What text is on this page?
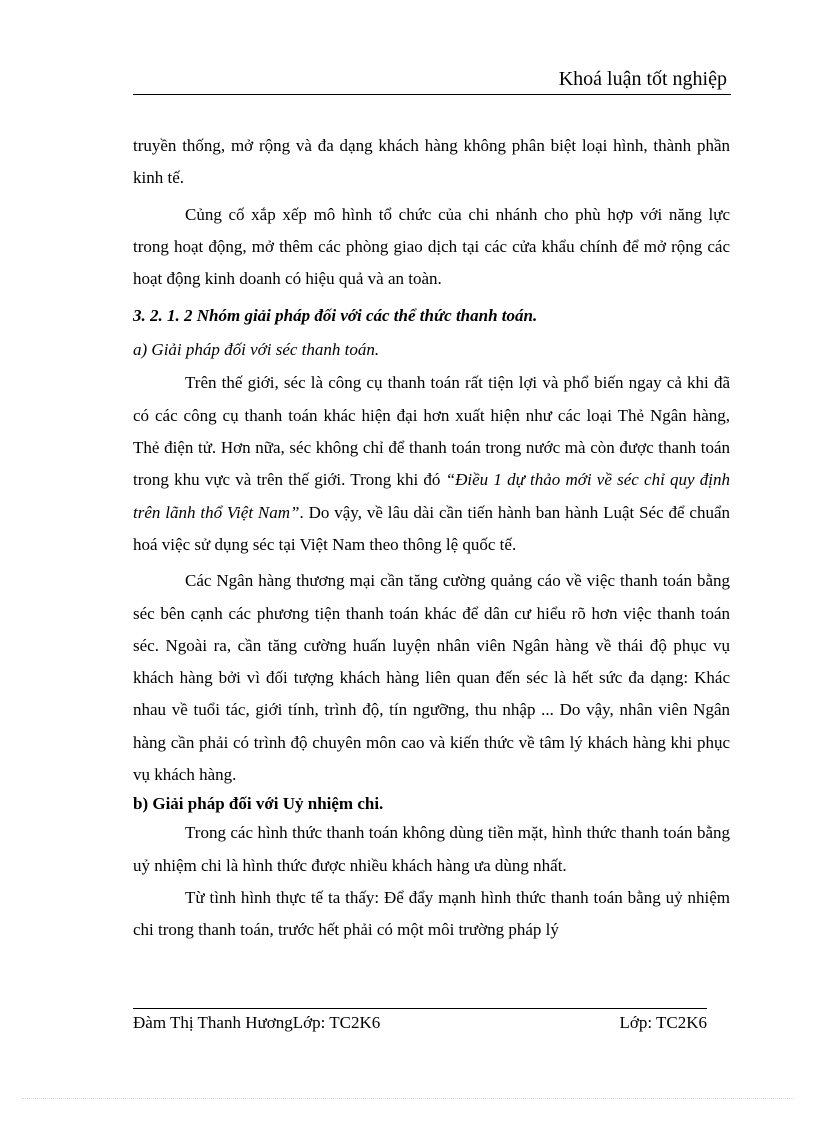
Khoá luận tốt nghiệp

truyền thống, mở rộng và đa dạng khách hàng không phân biệt loại hình, thành phần kinh tế.

Củng cố xắp xếp mô hình tổ chức của chi nhánh cho phù hợp với năng lực trong hoạt động, mở thêm các phòng giao dịch tại các cửa khẩu chính để mở rộng các hoạt động kinh doanh có hiệu quả và an toàn.

3. 2. 1. 2 Nhóm giải pháp đối với các thể thức thanh toán.

a) Giải pháp đối với séc thanh toán.

Trên thế giới, séc là công cụ thanh toán rất tiện lợi và phổ biến ngay cả khi đã có các công cụ thanh toán khác hiện đại hơn xuất hiện như các loại Thẻ Ngân hàng, Thẻ điện tử. Hơn nữa, séc không chỉ để thanh toán trong nước mà còn được thanh toán trong khu vực và trên thế giới. Trong khi đó “Điều 1 dự thảo mới về séc chỉ quy định trên lãnh thổ Việt Nam”. Do vậy, về lâu dài cần tiến hành ban hành Luật Séc để chuẩn hoá việc sử dụng séc tại Việt Nam theo thông lệ quốc tế.

Các Ngân hàng thương mại cần tăng cường quảng cáo về việc thanh toán bằng séc bên cạnh các phương tiện thanh toán khác để dân cư hiểu rõ hơn việc thanh toán séc. Ngoài ra, cần tăng cường huấn luyện nhân viên Ngân hàng về thái độ phục vụ khách hàng bởi vì đối tượng khách hàng liên quan đến séc là hết sức đa dạng: Khác nhau về tuổi tác, giới tính, trình độ, tín ngưỡng, thu nhập ... Do vậy, nhân viên Ngân hàng cần phải có trình độ chuyên môn cao và kiến thức về tâm lý khách hàng khi phục vụ khách hàng.

b) Giải pháp đối với Uỷ nhiệm chi.

Trong các hình thức thanh toán không dùng tiền mặt, hình thức thanh toán bằng uỷ nhiệm chi là hình thức được nhiều khách hàng ưa dùng nhất.

Từ tình hình thực tế ta thấy: Để đẩy mạnh hình thức thanh toán bằng uỷ nhiệm chi trong thanh toán, trước hết phải có một môi trường pháp lý

Đàm Thị Thanh HươngLớp: TC2K6	Lớp: TC2K6
